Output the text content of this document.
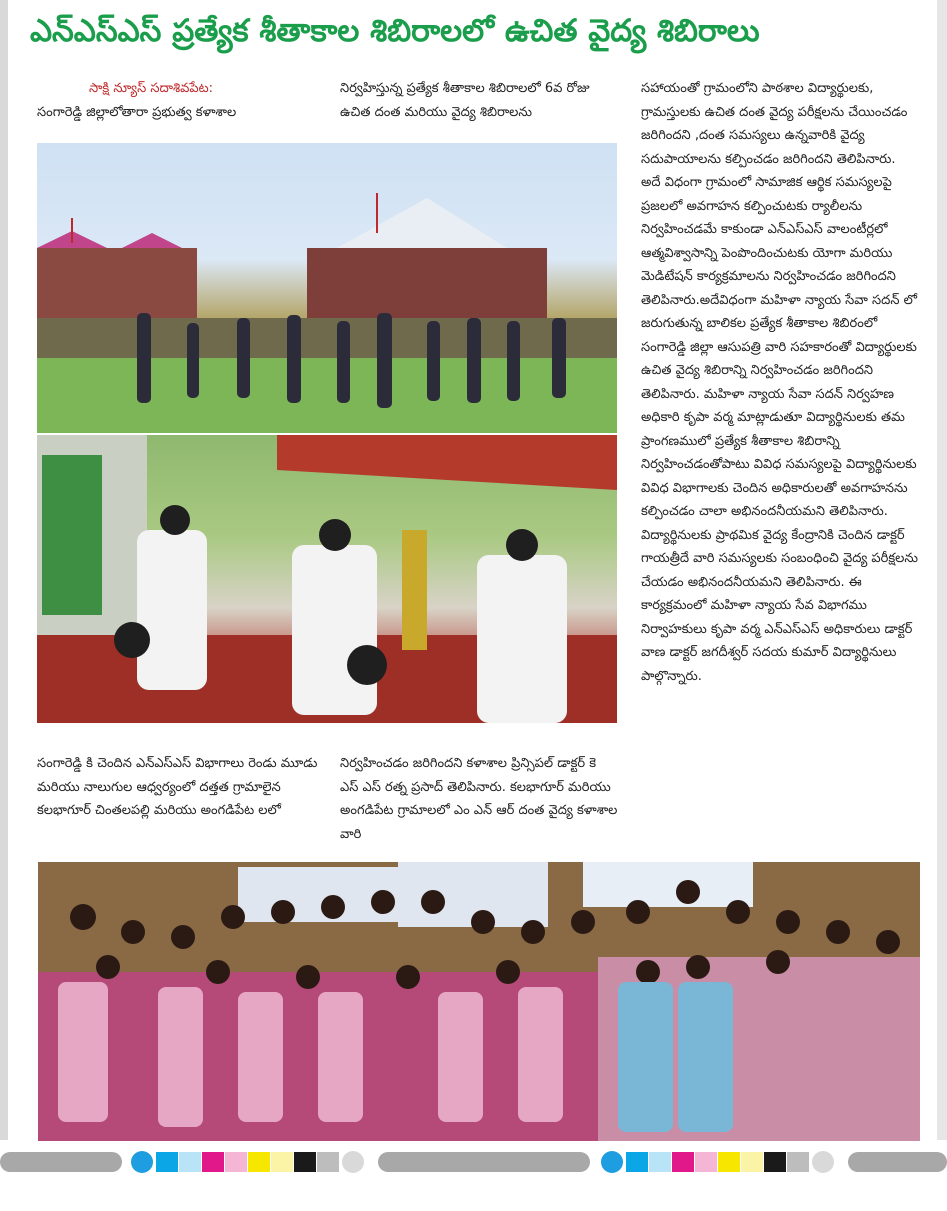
ఎన్ఎస్ఎస్ ప్రత్యేక శీతాకాల శిబిరాలలో ఉచిత వైద్య శిబిరాలు

సాక్షి న్యూస్ సదాశివపేట:

సంగారెడ్డి జిల్లాలోతారా ప్రభుత్వ కళాశాల

నిర్వహిస్తున్న ప్రత్యేక శీతాకాల శిబిరాలలో 6వ రోజు ఉచిత దంత మరియు వైద్య శిబిరాలను

సహాయంతో గ్రామంలోని పాఠశాల విద్యార్థులకు, గ్రామస్తులకు ఉచిత దంత వైద్య పరీక్షలను చేయించడం జరిగిందని ,దంత సమస్యలు ఉన్నవారికి వైద్య సదుపాయాలను కల్పించడం జరిగిందని తెలిపినారు. అదే విధంగా గ్రామంలో సామాజిక ఆర్థిక సమస్యలపై ప్రజలలో అవగాహన కల్పించుటకు ర్యాలీలను నిర్వహించడమే కాకుండా ఎన్ఎస్ఎస్ వాలంటీర్లలో ఆత్మవిశ్వాసాన్ని పెంపొందించుటకు యోగా మరియు మెడిటేషన్ కార్యక్రమాలను నిర్వహించడం జరిగిందని తెలిపినారు.అదేవిధంగా మహిళా న్యాయ సేవా సదన్ లో జరుగుతున్న బాలికల ప్రత్యేక శీతాకాల శిబిరంలో సంగారెడ్డి జిల్లా ఆసుపత్రి వారి సహకారంతో విద్యార్థులకు ఉచిత వైద్య శిబిరాన్ని నిర్వహించడం జరిగిందని తెలిపినారు. మహిళా న్యాయ సేవా సదన్ నిర్వహణ అధికారి కృపా వర్మ మాట్లాడుతూ విద్యార్థినులకు తమ ప్రాంగణములో ప్రత్యేక శీతాకాల శిబిరాన్ని నిర్వహించడంతోపాటు వివిధ సమస్యలపై విద్యార్థినులకు వివిధ విభాగాలకు చెందిన అధికారులతో అవగాహనను కల్పించడం చాలా అభినందనీయమని తెలిపినారు. విద్యార్థినులకు ప్రాథమిక వైద్య కేంద్రానికి చెందిన డాక్టర్ గాయత్రీదే వారి సమస్యలకు సంబంధించి వైద్య పరీక్షలను చేయడం అభినందనీయమని తెలిపినారు. ఈ కార్యక్రమంలో మహిళా న్యాయ సేవ విభాగము నిర్వాహకులు కృపా వర్మ ఎన్ఎస్ఎస్ అధికారులు డాక్టర్ వాణ డాక్టర్ జగదీశ్వర్ సదయ కుమార్ విద్యార్థినులు పాల్గొన్నారు.

సంగారెడ్డి కి చెందిన ఎన్ఎస్ఎస్ విభాగాలు రెండు మూడు మరియు నాలుగుల ఆధ్వర్యంలో దత్తత గ్రామాలైన కలభాగూర్ చింతలపల్లి మరియు అంగడిపేట లలో

నిర్వహించడం జరిగిందని కళాశాల ప్రిన్సిపల్ డాక్టర్ కె ఎస్ ఎస్ రత్న ప్రసాద్ తెలిపినారు. కలభాగూర్ మరియు అంగడిపేట గ్రామాలలో ఎం ఎన్ ఆర్ దంత వైద్య కళాశాల వారి
